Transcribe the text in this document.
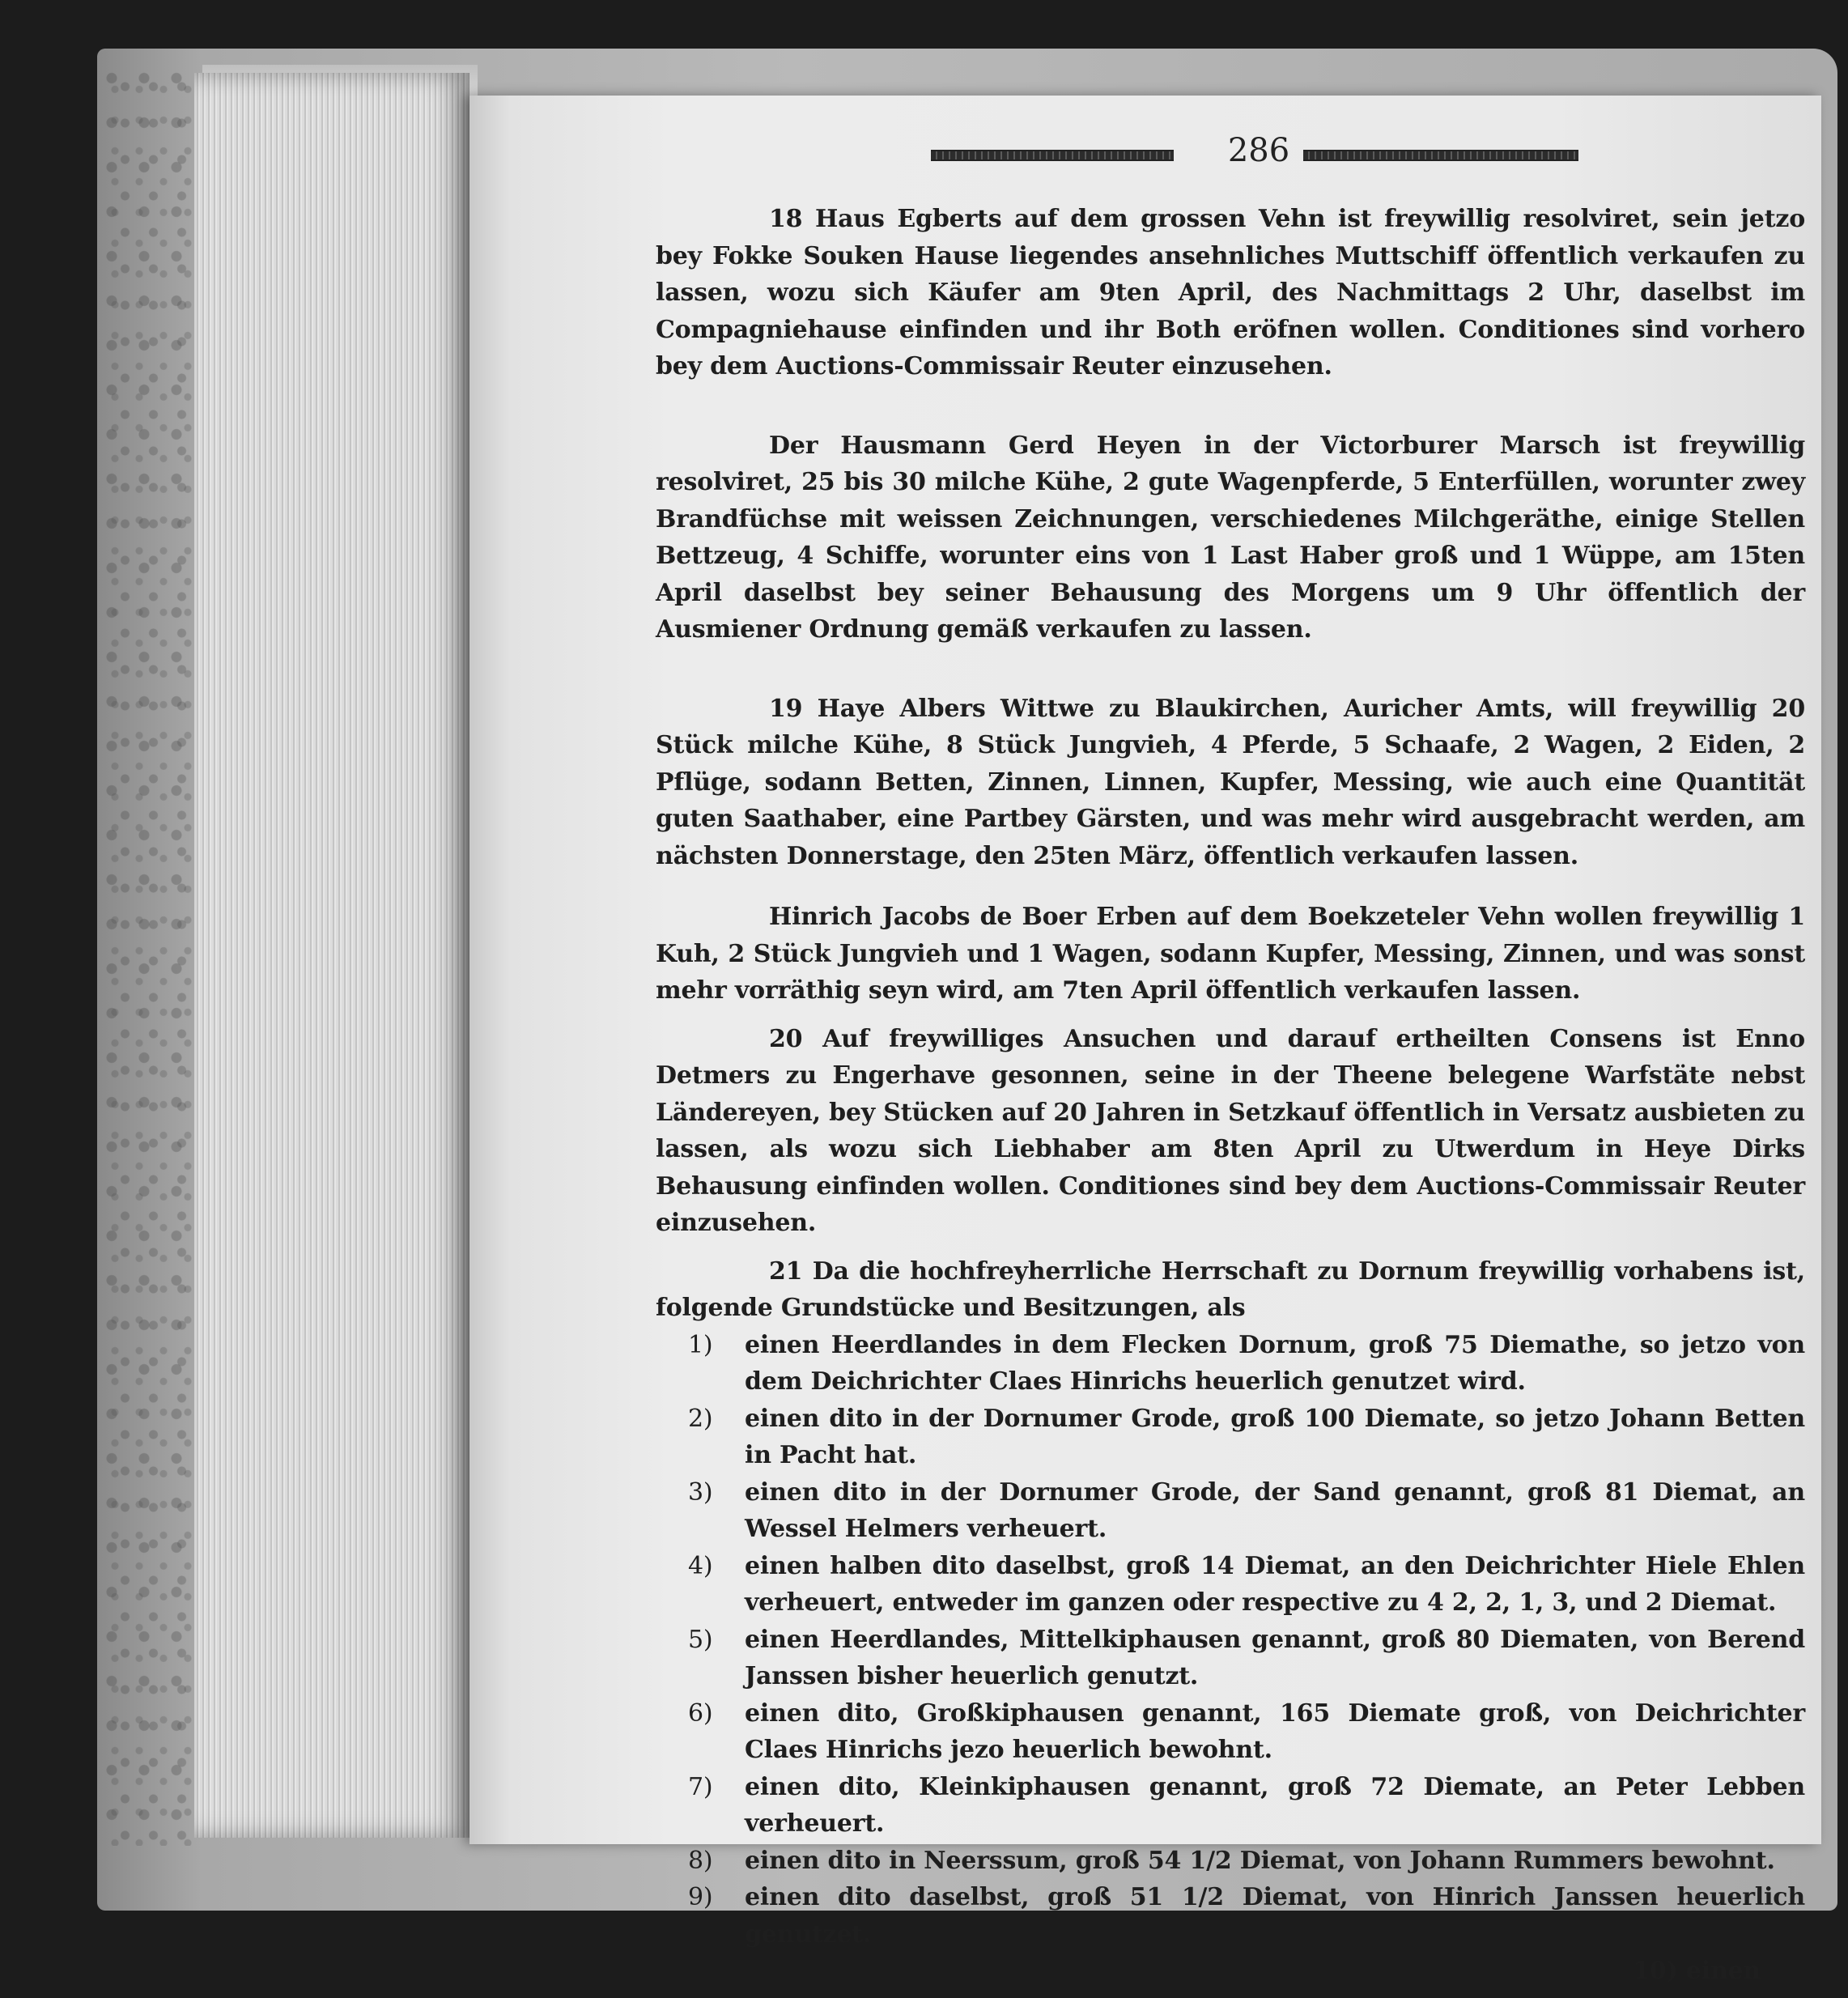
286

18 Haus Egberts auf dem grossen Vehn ist freywillig resolviret, sein jetzo bey Fokke Souken Hause liegendes ansehnliches Muttschiff öffentlich verkaufen zu lassen, wozu sich Käufer am 9ten April, des Nachmittags 2 Uhr, daselbst im Compagniehause einfinden und ihr Both eröfnen wollen. Conditiones sind vorhero bey dem Auctions-Commissair Reuter einzusehen.

Der Hausmann Gerd Heyen in der Victorburer Marsch ist freywillig resolviret, 25 bis 30 milche Kühe, 2 gute Wagenpferde, 5 Enterfüllen, worunter zwey Brandfüchse mit weissen Zeichnungen, verschiedenes Milchgeräthe, einige Stellen Bettzeug, 4 Schiffe, worunter eins von 1 Last Haber groß und 1 Wüppe, am 15ten April daselbst bey seiner Behausung des Morgens um 9 Uhr öffentlich der Ausmiener Ordnung gemäß verkaufen zu lassen.

19 Haye Albers Wittwe zu Blaukirchen, Auricher Amts, will freywillig 20 Stück milche Kühe, 8 Stück Jungvieh, 4 Pferde, 5 Schaafe, 2 Wagen, 2 Eiden, 2 Pflüge, sodann Betten, Zinnen, Linnen, Kupfer, Messing, wie auch eine Quantität guten Saathaber, eine Partbey Gärsten, und was mehr wird ausgebracht werden, am nächsten Donnerstage, den 25ten März, öffentlich verkaufen lassen.

Hinrich Jacobs de Boer Erben auf dem Boekzeteler Vehn wollen freywillig 1 Kuh, 2 Stück Jungvieh und 1 Wagen, sodann Kupfer, Messing, Zinnen, und was sonst mehr vorräthig seyn wird, am 7ten April öffentlich verkaufen lassen.

20 Auf freywilliges Ansuchen und darauf ertheilten Consens ist Enno Detmers zu Engerhave gesonnen, seine in der Theene belegene Warfstäte nebst Ländereyen, bey Stücken auf 20 Jahren in Setzkauf öffentlich in Versatz ausbieten zu lassen, als wozu sich Liebhaber am 8ten April zu Utwerdum in Heye Dirks Behausung einfinden wollen. Conditiones sind bey dem Auctions-Commissair Reuter einzusehen.

21 Da die hochfreyherrliche Herrschaft zu Dornum freywillig vorhabens ist, folgende Grundstücke und Besitzungen, als

1)	einen Heerdlandes in dem Flecken Dornum, groß 75 Diemathe, so jetzo von dem Deichrichter Claes Hinrichs heuerlich genutzet wird.
2)	einen dito in der Dornumer Grode, groß 100 Diemate, so jetzo Johann Betten in Pacht hat.
3)	einen dito in der Dornumer Grode, der Sand genannt, groß 81 Diemat, an Wessel Helmers verheuert.
4)	einen halben dito daselbst, groß 14 Diemat, an den Deichrichter Hiele Ehlen verheuert, entweder im ganzen oder respective zu 4 2, 2, 1, 3, und 2 Diemat.
5)	einen Heerdlandes, Mittelkiphausen genannt, groß 80 Diematen, von Berend Janssen bisher heuerlich genutzt.
6)	einen dito, Großkiphausen genannt, 165 Diemate groß, von Deichrichter Claes Hinrichs jezo heuerlich bewohnt.
7)	einen dito, Kleinkiphausen genannt, groß 72 Diemate, an Peter Lebben verheuert.
8)	einen dito in Neerssum, groß 54 1/2 Diemat, von Johann Rummers bewohnt.
9)	einen dito daselbst, groß 51 1/2 Diemat, von Hinrich Janssen heuerlich genutzet.
10) einen
